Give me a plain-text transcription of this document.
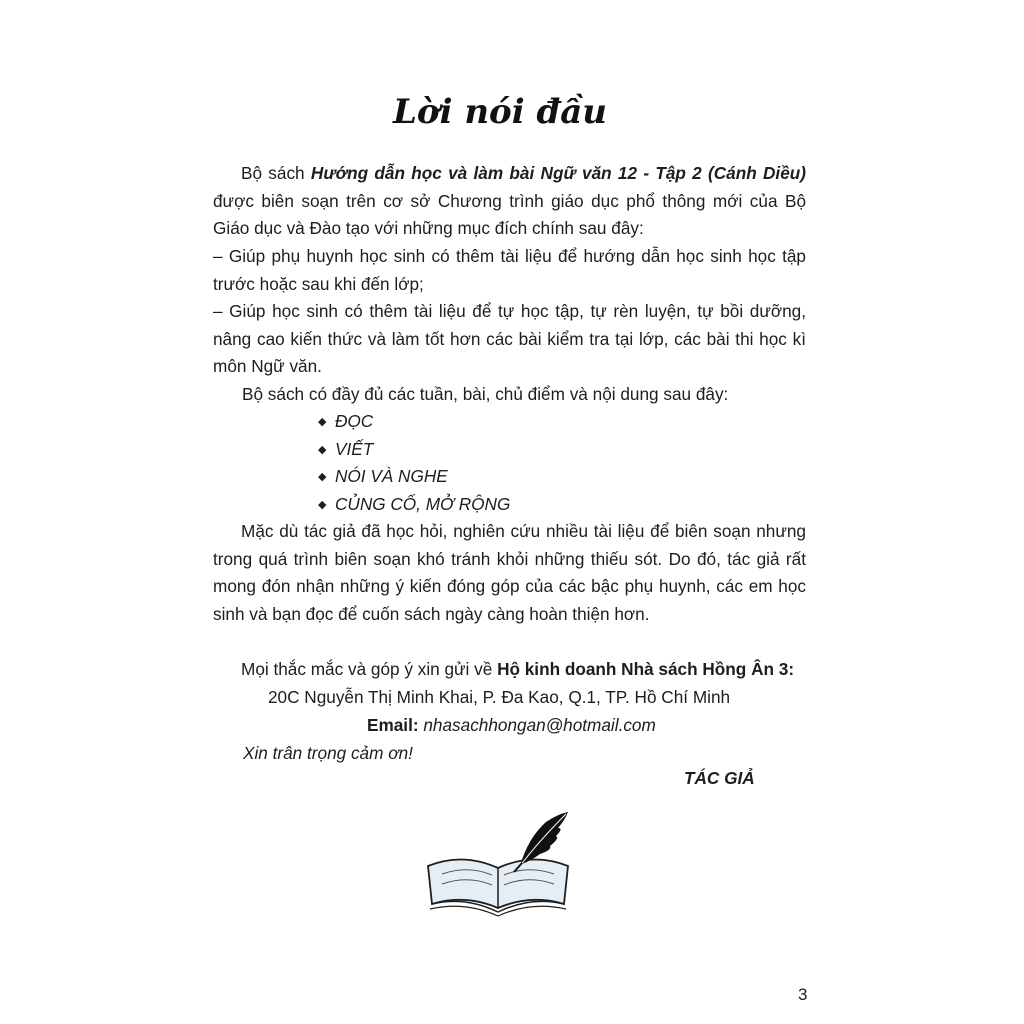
Lời nói đầu
Bộ sách Hướng dẫn học và làm bài Ngữ văn 12 - Tập 2 (Cánh Diều) được biên soạn trên cơ sở Chương trình giáo dục phổ thông mới của Bộ Giáo dục và Đào tạo với những mục đích chính sau đây:
– Giúp phụ huynh học sinh có thêm tài liệu để hướng dẫn học sinh học tập trước hoặc sau khi đến lớp;
– Giúp học sinh có thêm tài liệu để tự học tập, tự rèn luyện, tự bồi dưỡng, nâng cao kiến thức và làm tốt hơn các bài kiểm tra tại lớp, các bài thi học kì môn Ngữ văn.
Bộ sách có đầy đủ các tuần, bài, chủ điểm và nội dung sau đây:
◆ ĐỌC
◆ VIẾT
◆ NÓI VÀ NGHE
◆ CỦNG CỐ, MỞ RỘNG
Mặc dù tác giả đã học hỏi, nghiên cứu nhiều tài liệu để biên soạn nhưng trong quá trình biên soạn khó tránh khỏi những thiếu sót. Do đó, tác giả rất mong đón nhận những ý kiến đóng góp của các bậc phụ huynh, các em học sinh và bạn đọc để cuốn sách ngày càng hoàn thiện hơn.
Mọi thắc mắc và góp ý xin gửi về Hộ kinh doanh Nhà sách Hồng Ân 3:
20C Nguyễn Thị Minh Khai, P. Đa Kao, Q.1, TP. Hồ Chí Minh
Email: nhasachhongan@hotmail.com
Xin trân trọng cảm ơn!
TÁC GIẢ
3
